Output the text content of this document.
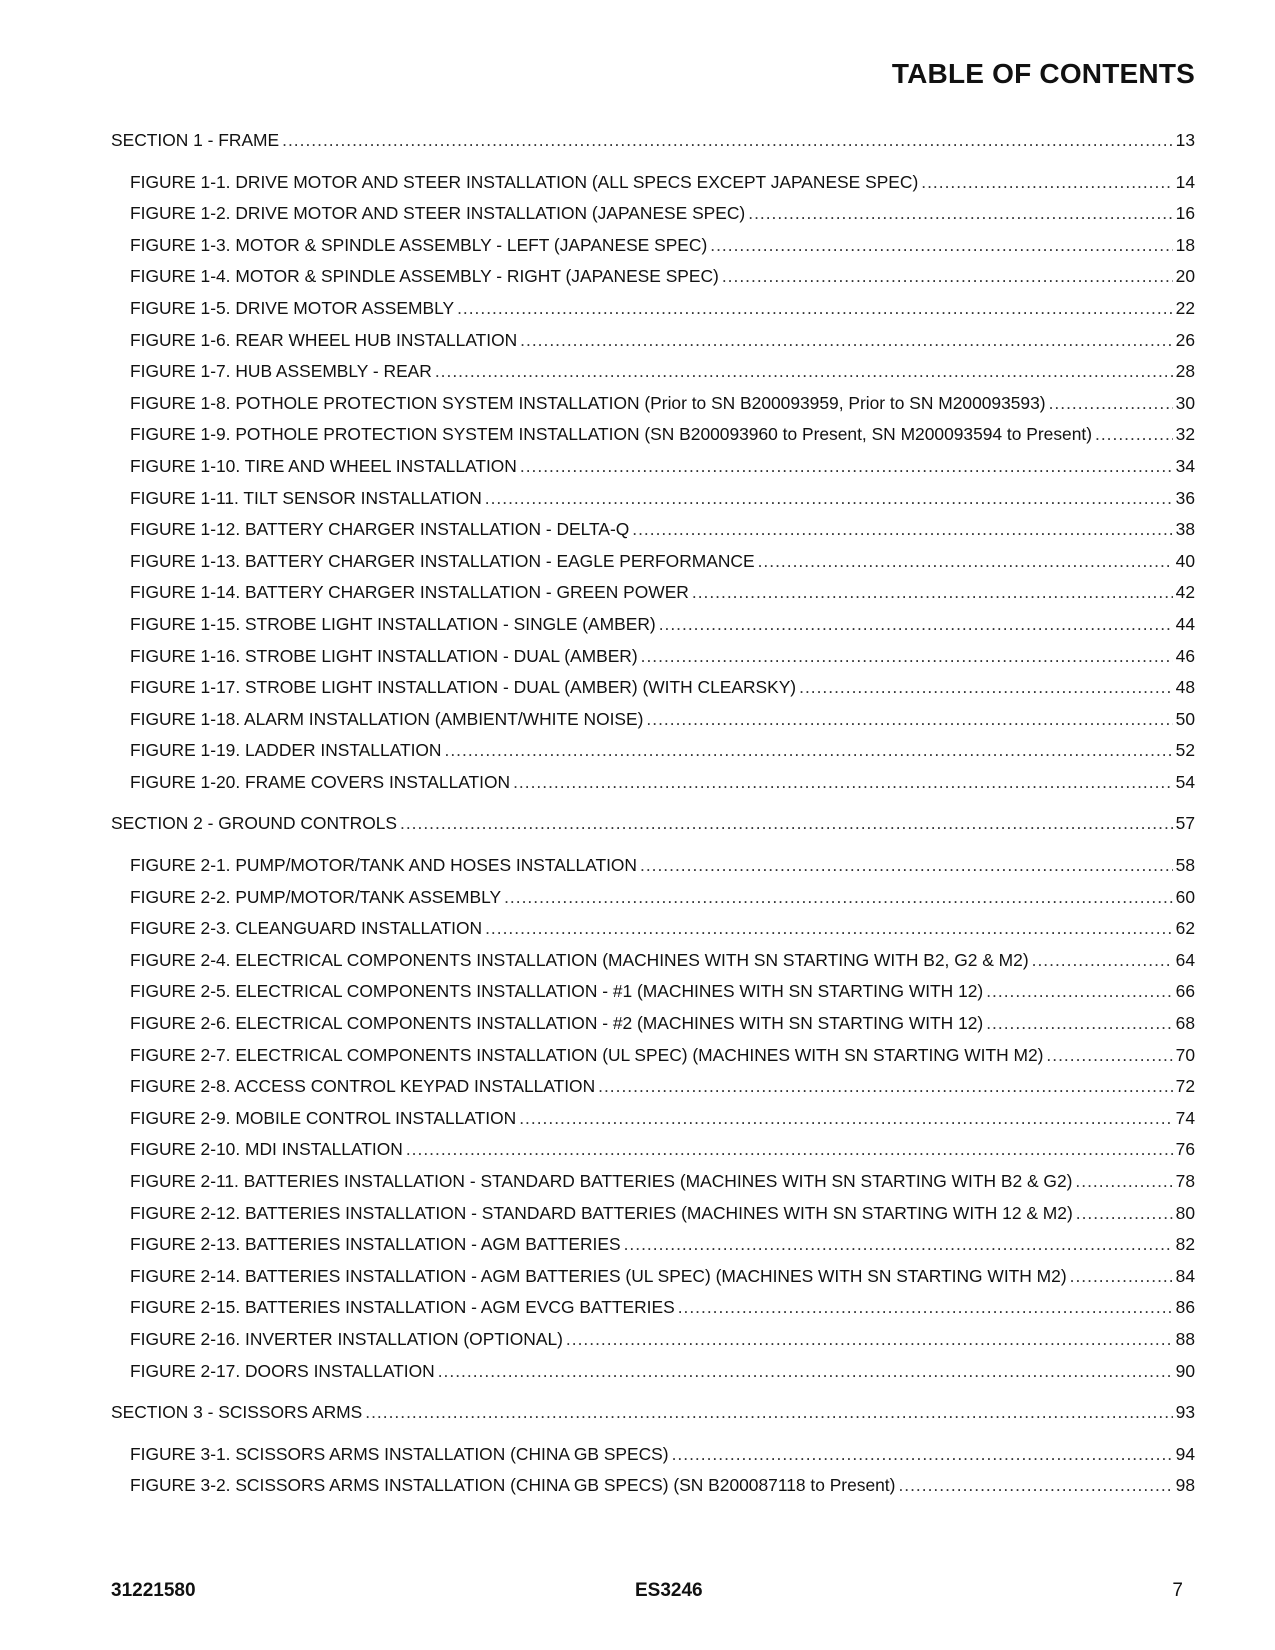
TABLE OF CONTENTS
SECTION 1 - FRAME .....	13
FIGURE 1-1. DRIVE MOTOR AND STEER INSTALLATION (ALL SPECS EXCEPT JAPANESE SPEC) .....	14
FIGURE 1-2. DRIVE MOTOR AND STEER INSTALLATION (JAPANESE SPEC) .....	16
FIGURE 1-3. MOTOR & SPINDLE ASSEMBLY - LEFT (JAPANESE SPEC) .....	18
FIGURE 1-4. MOTOR & SPINDLE ASSEMBLY - RIGHT (JAPANESE SPEC) .....	20
FIGURE 1-5. DRIVE MOTOR ASSEMBLY .....	22
FIGURE 1-6. REAR WHEEL HUB INSTALLATION .....	26
FIGURE 1-7. HUB ASSEMBLY - REAR .....	28
FIGURE 1-8. POTHOLE PROTECTION SYSTEM INSTALLATION (Prior to SN B200093959, Prior to SN M200093593) .....	30
FIGURE 1-9. POTHOLE PROTECTION SYSTEM INSTALLATION (SN B200093960 to Present, SN M200093594 to Present) .....	32
FIGURE 1-10. TIRE AND WHEEL INSTALLATION .....	34
FIGURE 1-11. TILT SENSOR INSTALLATION .....	36
FIGURE 1-12. BATTERY CHARGER INSTALLATION - DELTA-Q .....	38
FIGURE 1-13. BATTERY CHARGER INSTALLATION - EAGLE PERFORMANCE .....	40
FIGURE 1-14. BATTERY CHARGER INSTALLATION - GREEN POWER .....	42
FIGURE 1-15. STROBE LIGHT INSTALLATION - SINGLE (AMBER) .....	44
FIGURE 1-16. STROBE LIGHT INSTALLATION - DUAL (AMBER) .....	46
FIGURE 1-17. STROBE LIGHT INSTALLATION - DUAL (AMBER) (WITH CLEARSKY) .....	48
FIGURE 1-18. ALARM INSTALLATION (AMBIENT/WHITE NOISE) .....	50
FIGURE 1-19. LADDER INSTALLATION .....	52
FIGURE 1-20. FRAME COVERS INSTALLATION .....	54
SECTION 2 - GROUND CONTROLS .....	57
FIGURE 2-1. PUMP/MOTOR/TANK AND HOSES INSTALLATION .....	58
FIGURE 2-2. PUMP/MOTOR/TANK ASSEMBLY .....	60
FIGURE 2-3. CLEANGUARD INSTALLATION .....	62
FIGURE 2-4. ELECTRICAL COMPONENTS INSTALLATION (MACHINES WITH SN STARTING WITH B2, G2 & M2) .....	64
FIGURE 2-5. ELECTRICAL COMPONENTS INSTALLATION - #1 (MACHINES WITH SN STARTING WITH 12) .....	66
FIGURE 2-6. ELECTRICAL COMPONENTS INSTALLATION - #2 (MACHINES WITH SN STARTING WITH 12) .....	68
FIGURE 2-7. ELECTRICAL COMPONENTS INSTALLATION (UL SPEC) (MACHINES WITH SN STARTING WITH M2) .....	70
FIGURE 2-8. ACCESS CONTROL KEYPAD INSTALLATION .....	72
FIGURE 2-9. MOBILE CONTROL INSTALLATION .....	74
FIGURE 2-10. MDI INSTALLATION .....	76
FIGURE 2-11. BATTERIES INSTALLATION - STANDARD BATTERIES (MACHINES WITH SN STARTING WITH B2 & G2) .....	78
FIGURE 2-12. BATTERIES INSTALLATION - STANDARD BATTERIES (MACHINES WITH SN STARTING WITH 12 & M2) .....	80
FIGURE 2-13. BATTERIES INSTALLATION - AGM BATTERIES .....	82
FIGURE 2-14. BATTERIES INSTALLATION - AGM BATTERIES (UL SPEC) (MACHINES WITH SN STARTING WITH M2) .....	84
FIGURE 2-15. BATTERIES INSTALLATION - AGM EVCG BATTERIES .....	86
FIGURE 2-16. INVERTER INSTALLATION (OPTIONAL) .....	88
FIGURE 2-17. DOORS INSTALLATION .....	90
SECTION 3 - SCISSORS ARMS .....	93
FIGURE 3-1. SCISSORS ARMS INSTALLATION (CHINA GB SPECS) .....	94
FIGURE 3-2. SCISSORS ARMS INSTALLATION (CHINA GB SPECS) (SN B200087118 to Present) .....	98
31221580	ES3246	7
